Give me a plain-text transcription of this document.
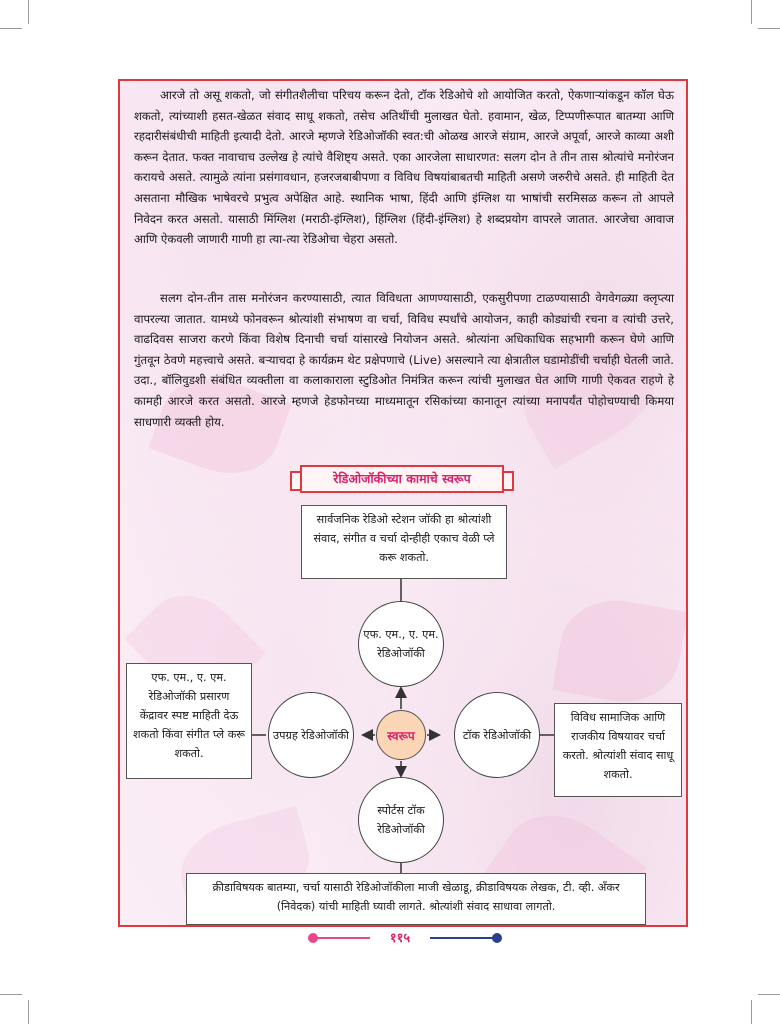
आरजे तो असू शकतो, जो संगीतशैलीचा परिचय करून देतो, टॉक रेडिओचे शो आयोजित करतो, ऐकणाऱ्यांकडून कॉल घेऊ शकतो, त्यांच्याशी हसत-खेळत संवाद साधू शकतो, तसेच अतिथींची मुलाखत घेतो. हवामान, खेळ, टिप्पणीरूपात बातम्या आणि रहदारीसंबंधीची माहिती इत्यादी देतो. आरजे म्हणजे रेडिओजॉकी स्वत:ची ओळख आरजे संग्राम, आरजे अपूर्वा, आरजे काव्या अशी करून देतात. फक्त नावाचाच उल्लेख हे त्यांचे वैशिष्ट्य असते. एका आरजेला साधारणत: सलग दोन ते तीन तास श्रोत्यांचे मनोरंजन करायचे असते. त्यामुळे त्यांना प्रसंगावधान, हजरजबाबीपणा व विविध विषयांबाबतची माहिती असणे जरुरीचे असते. ही माहिती देत असताना मौखिक भाषेवरचे प्रभुत्व अपेक्षित आहे. स्थानिक भाषा, हिंदी आणि इंग्लिश या भाषांची सरमिसळ करून तो आपले निवेदन करत असतो. यासाठी मिंग्लिश (मराठी-इंग्लिश), हिंग्लिश (हिंदी-इंग्लिश) हे शब्दप्रयोग वापरले जातात. आरजेचा आवाज आणि ऐकवली जाणारी गाणी हा त्या-त्या रेडिओचा चेहरा असतो.

सलग दोन-तीन तास मनोरंजन करण्यासाठी, त्यात विविधता आणण्यासाठी, एकसुरीपणा टाळण्यासाठी वेगवेगळ्या क्लृप्त्या वापरल्या जातात. यामध्ये फोनवरून श्रोत्यांशी संभाषण वा चर्चा, विविध स्पर्धांचे आयोजन, काही कोड्यांची रचना व त्यांची उत्तरे, वाढदिवस साजरा करणे किंवा विशेष दिनाची चर्चा यांसारखे नियोजन असते. श्रोत्यांना अधिकाधिक सहभागी करून घेणे आणि गुंतवून ठेवणे महत्त्वाचे असते. बऱ्याचदा हे कार्यक्रम थेट प्रक्षेपणाचे (Live) असल्याने त्या क्षेत्रातील घडामोडींची चर्चाही घेतली जाते. उदा., बॉलिवुडशी संबंधित व्यक्तीला वा कलाकाराला स्टुडिओत निमंत्रित करून त्यांची मुलाखत घेत आणि गाणी ऐकवत राहणे हे कामही आरजे करत असतो. आरजे म्हणजे हेडफोनच्या माध्यमातून रसिकांच्या कानातून त्यांच्या मनापर्यंत पोहोचण्याची किमया साधणारी व्यक्ती होय.

रेडिओजॉकीच्या कामाचे स्वरूप
सार्वजनिक रेडिओ स्टेशन जॉकी हा श्रोत्यांशी संवाद, संगीत व चर्चा दोन्हीही एकाच वेळी प्ले करू शकतो.
एफ. एम., ए. एम. रेडिओजॉकी
एफ. एम., ए. एम. रेडिओजॉकी प्रसारण केंद्रावर स्पष्ट माहिती देऊ शकतो किंवा संगीत प्ले करू शकतो.
उपग्रह रेडिओजॉकी	स्वरूप	टॉक रेडिओजॉकी
विविध सामाजिक आणि राजकीय विषयावर चर्चा करतो. श्रोत्यांशी संवाद साधू शकतो.
स्पोर्टस टॉक रेडिओजॉकी
क्रीडाविषयक बातम्या, चर्चा यासाठी रेडिओजॉकीला माजी खेळाडू, क्रीडाविषयक लेखक, टी. व्ही. अँकर (निवेदक) यांची माहिती घ्यावी लागते. श्रोत्यांशी संवाद साधावा लागतो.
११५
